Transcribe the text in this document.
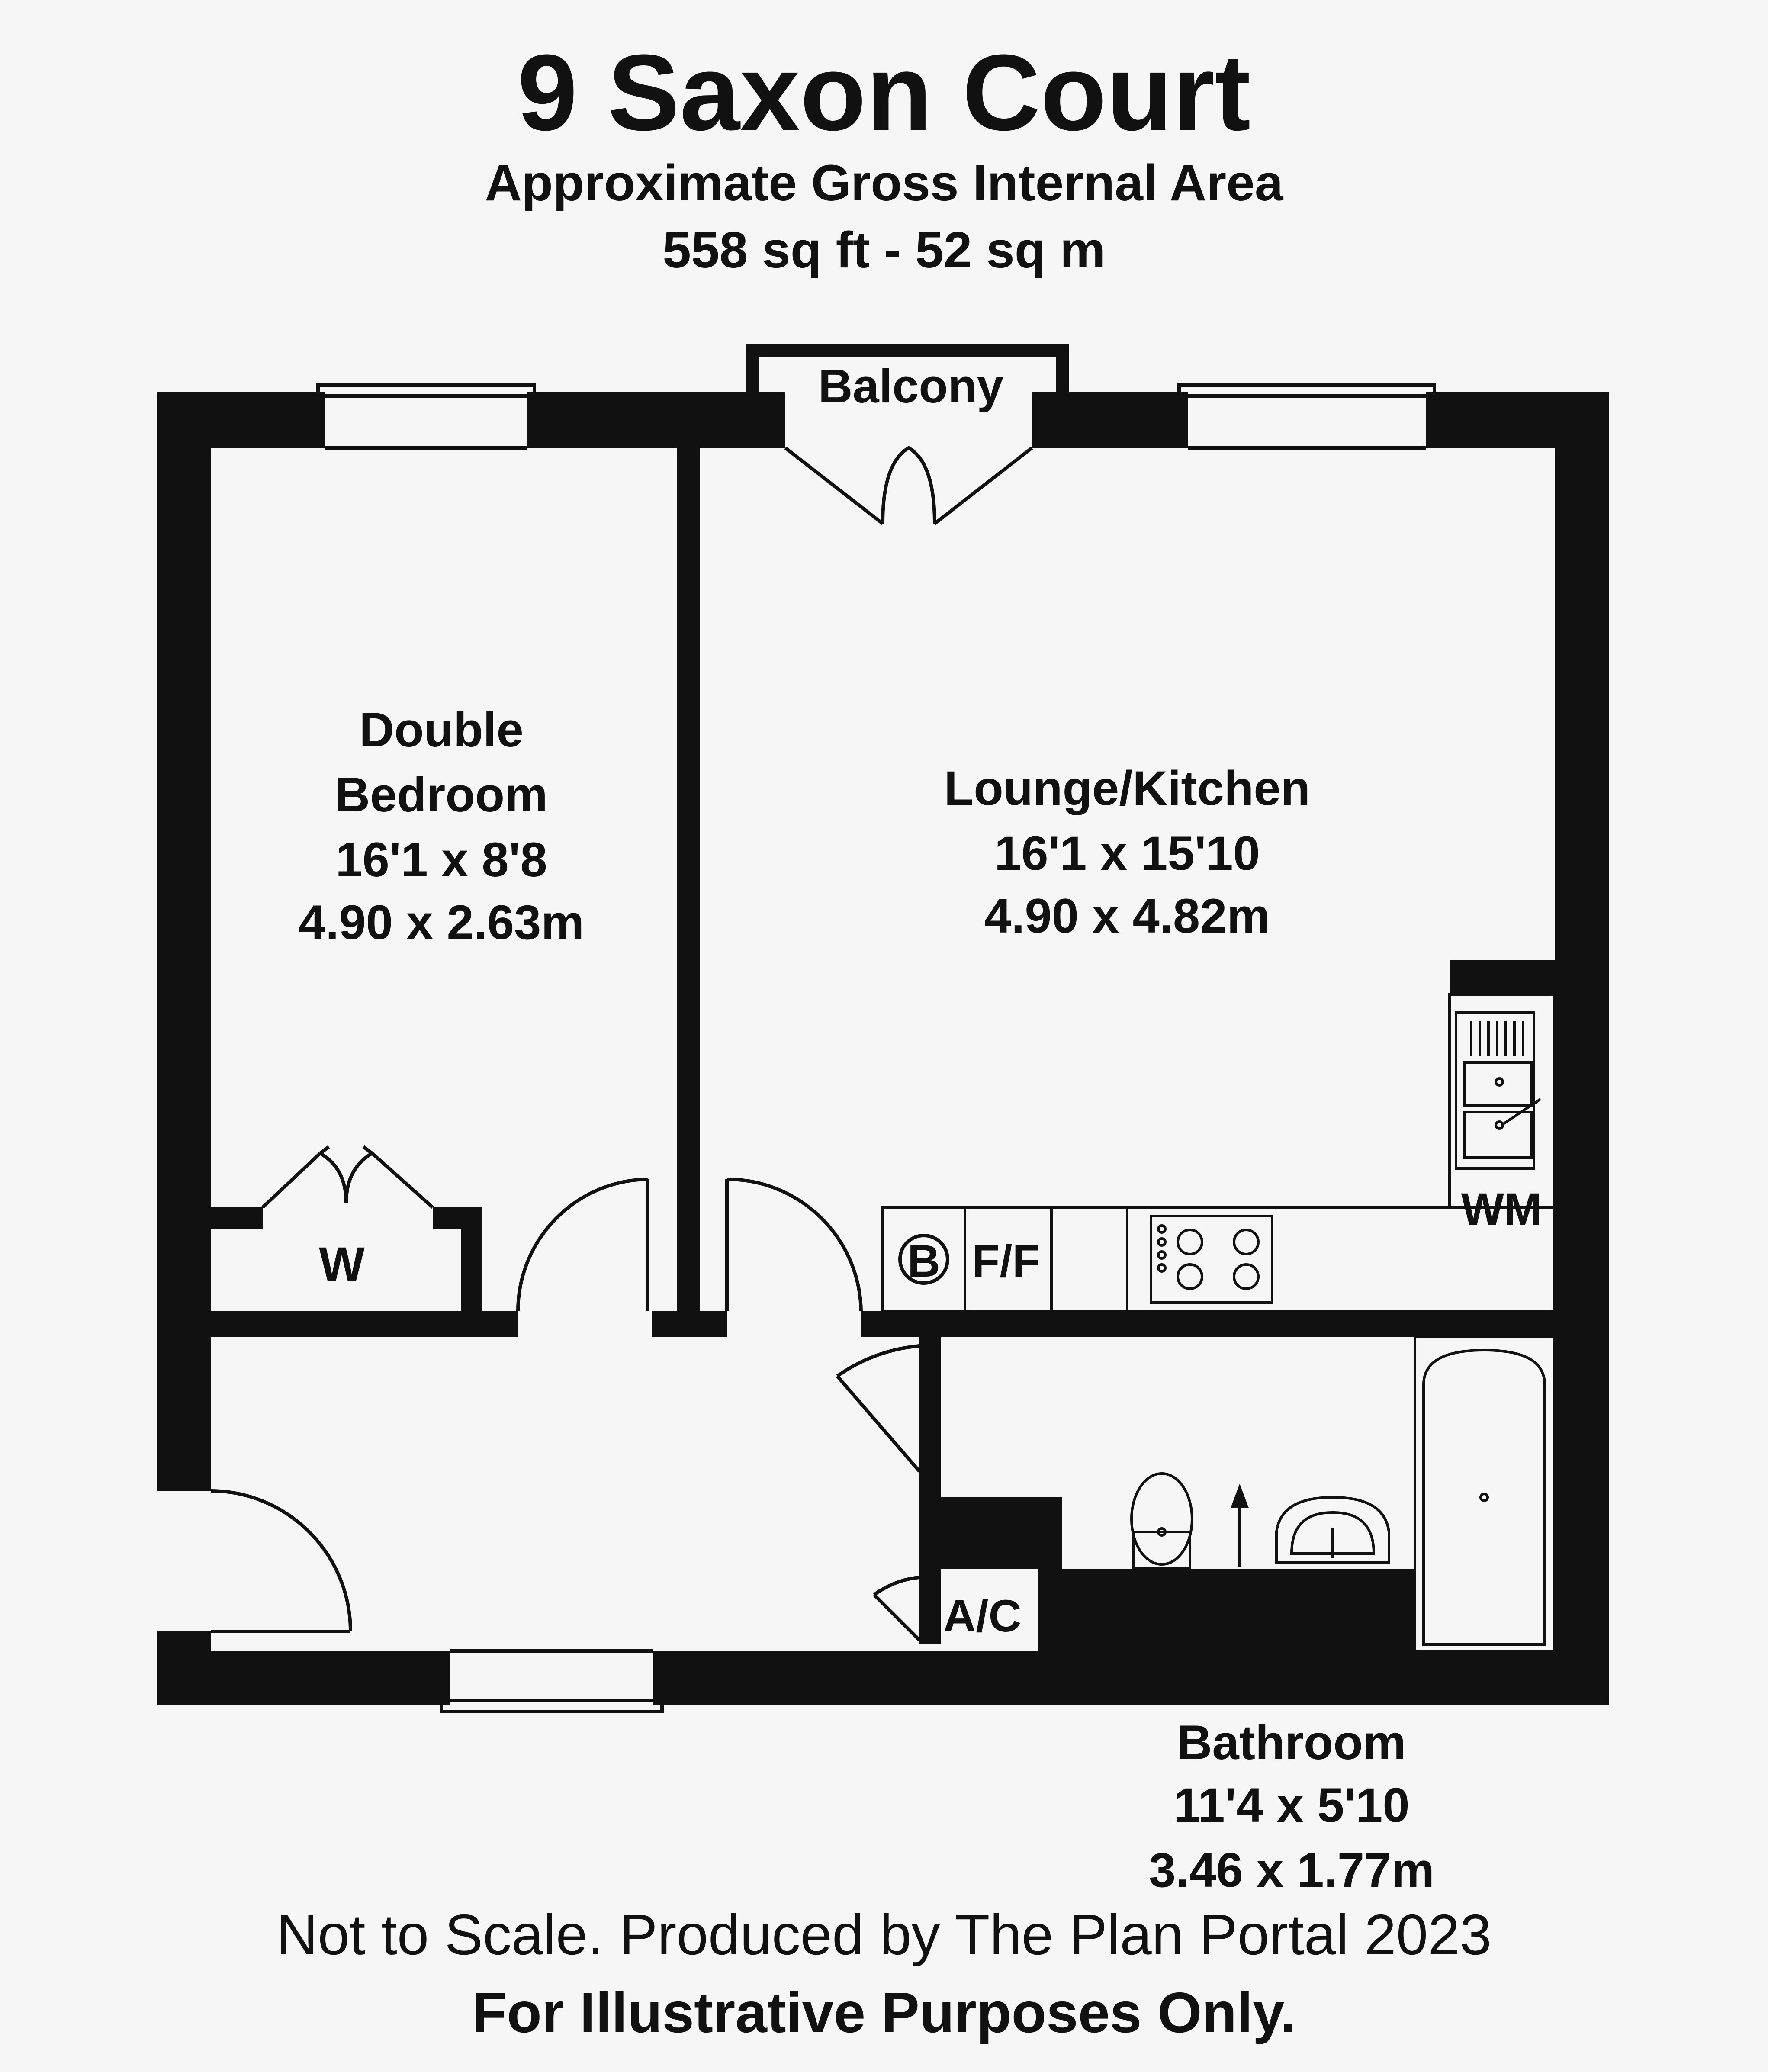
9 Saxon Court
Approximate Gross Internal Area
558 sq ft - 52 sq m
Balcony
Double
Bedroom
16'1 x 8'8
4.90 x 2.63m
Lounge/Kitchen
16'1 x 15'10
4.90 x 4.82m
Bathroom
11'4 x 5'10
3.46 x 1.77m
W	B F/F
WM
A/C
Not to Scale. Produced by The Plan Portal 2023
For Illustrative Purposes Only.
